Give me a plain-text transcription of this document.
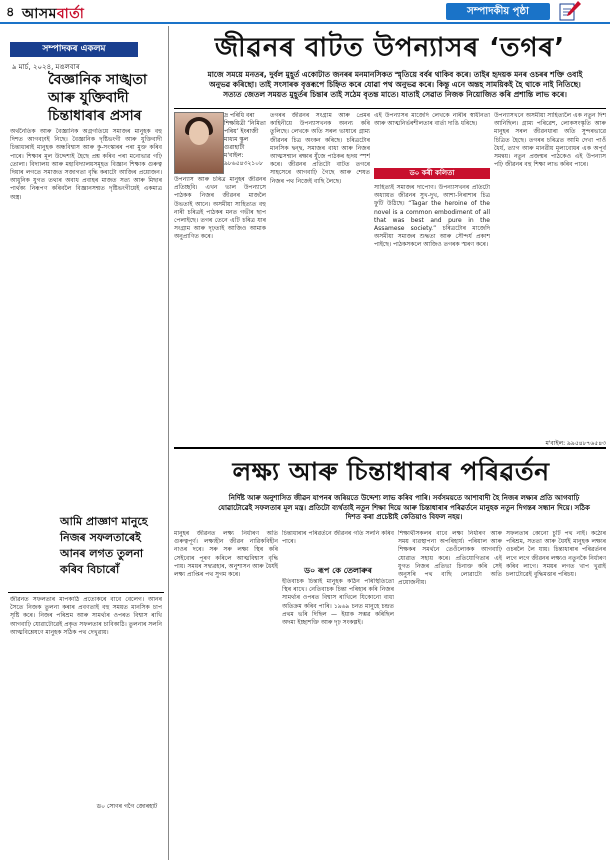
৪ আসমবাৰ্তা	সম্পাদকীয় পৃষ্ঠা
সম্পাদকৰ একলম
৯ মাৰ্চ, ২০২৪, মঙলবাৰ
বৈজ্ঞানিক সাঙ্খতা আৰু যুক্তিবাদী চিন্তাধাৰাৰ প্ৰসাৰ
অৰ্থনৈতিক আৰু বৈজ্ঞানিক অগ্ৰগতিয়ে সমাজৰ মানুহক বহু দিশত আগবঢ়াই নিছে। বৈজ্ঞানিক দৃষ্টিভংগী আৰু যুক্তিবাদী চিন্তাধাৰাই মানুহক অন্ধবিশ্বাস আৰু কু-সংস্কাৰৰ পৰা মুক্ত কৰিব পাৰে। শিক্ষাৰ মূল উদ্দেশ্যই হৈছে প্ৰশ্ন কৰিব পৰা মনোভাৱ গঢ়ি তোলা। বিদ্যালয় আৰু মহাবিদ্যালয়সমূহত বিজ্ঞান শিক্ষাক গুৰুত্ব দিয়াৰ লগতে সমাজত সজাগতা বৃদ্ধি কৰাটো আজিৰ প্ৰয়োজন। আধুনিক যুগত তথ্যৰ অবাধ প্ৰবাহৰ মাজত সত্য আৰু মিছাৰ পাৰ্থক্য নিৰূপণ কৰিবলৈ বিজ্ঞানসন্মত দৃষ্টিভংগীয়েই একমাত্ৰ অস্ত্ৰ।
আমি প্ৰাজ্ঞাণ মানুহে নিজৰ সফলতাৰেই আনৰ লগত তুলনা কৰিব বিচাৰোঁ
জীৱনত সফলতাৰ মাপকাঠি প্ৰত্যেকৰে বাবে বেলেগ। আনৰ সৈতে নিজক তুলনা কৰাৰ প্ৰবণতাই বহু সময়ত মানসিক চাপ সৃষ্টি কৰে। নিজৰ পৰিশ্ৰম আৰু সামৰ্থ্যৰ ওপৰত বিশ্বাস ৰাখি আগবাঢ়ি যোৱাটোৱেই প্ৰকৃত সফলতাৰ চাবিকাঠি। তুলনাৰ সলনি আত্মবিশ্লেষণে মানুহক সঠিক পথ দেখুৱায়।
ড০ সোণৰ গগৈ জোৰহাট
জীৱনৰ বাটত উপন্যাসৰ ‘তগৰ’
মাজে সময়ে মনতৰ, দুৰ্বল মুহূৰ্ত একোটাত জনৰৰ মনমানসিকত স্মৃতিয়ে বৰ্বৰ থাকিব কৰে। তাইৰ হৃদয়ক মনৰ ওচৰৰ শক্তি ওবাই অনুভৱ কৰিছো। তাই সংসাৰক বৃত্তৰূপে চিহ্নিত কৰে যোৱা পথ অনুভৱ কৰে। কিন্তু এনে অন্তহ সাময়িকই হৈ থাকে নাই নিতিছে। সত্যত জেতল সময়ত মুহূৰ্তৰ চিন্তাৰ তাই সঠেম বৃতন্ত মাতে। যাতাই সেৱাত নিজক নিয়োজিত কৰি প্ৰশান্তি লাভ কৰে।
দ্ৰ পৰিধি বৰা শিক্ষয়িত্ৰী ‘নিমিতা পৰিয়’ ইংৰাজী মাধ্যম স্কুল গুৱাহাটী ম'বাইল: ৯৮৬৫৪৩২১০৮
উপন্যাস আৰু চৰিত্ৰ মানুহৰ জীৱনৰ প্ৰতিচ্ছবি। এখন ভাল উপন্যাসে পাঠকক নিজৰ জীৱনৰ মাজলৈ উভতাই আনে। অসমীয়া সাহিত্যত বহু নাৰী চৰিত্ৰই পাঠকৰ মনত গভীৰ ছাপ পেলাইছে। তগৰ তেনে এটি চৰিত্ৰ যাৰ সংগ্ৰাম আৰু দৃঢ়তাই আজিও আমাক অনুপ্ৰাণিত কৰে।
তগৰৰ জীৱনৰ সংগ্ৰাম আৰু প্ৰেমৰ কাহিনীয়ে উপন্যাসখনক অনন্য কৰি তুলিছে। লেখকে অতি সৰল ভাষাৰে গ্ৰাম্য জীৱনৰ চিত্ৰ অংকন কৰিছে। চৰিত্ৰটোৰ মানসিক দ্বন্দ্ব, সমাজৰ বাধা আৰু নিজৰ আত্মসন্মান ৰক্ষাৰ যুঁজে পাঠকৰ হৃদয় স্পৰ্শ কৰে। জীৱনৰ প্ৰতিটো বাটত তগৰে সাহসেৰে আগবাঢ়ি গৈছে আৰু শেষত নিজৰ পথ নিজেই বাছি লৈছে।
এই উপন্যাসৰ মাজেদি লেখকে নাৰীৰ স্বাধীনতা আৰু আত্মনিৰ্ভৰশীলতাৰ বাৰ্তা দাঙি ধৰিছে।
ড০ কৰী কলিতা
সাহিত্যই সমাজৰ দাপোণ। উপন্যাসখনৰ প্ৰতিটো অধ্যায়ত জীৱনৰ সুখ-দুখ, আশা-নিৰাশাৰ চিত্ৰ ফুটি উঠিছে। “Tagar the heroine of the novel is a common embodiment of all that was best and pure in the Assamese society.” চৰিত্ৰটোৰ মাজেদি অসমীয়া সমাজৰ শুদ্ধতা আৰু সৌন্দৰ্য প্ৰকাশ পাইছে। পাঠকসকলে আজিও তগৰক স্মৰণ কৰে।
উপন্যাসখনে অসমীয়া সাহিত্যলৈ এক নতুন দিশ আনিছিল। গ্ৰাম্য পৰিৱেশ, লোকসংস্কৃতি আৰু মানুহৰ সৰল জীৱনধাৰা অতি সুন্দৰভাৱে চিত্ৰিত হৈছে। তগৰৰ চৰিত্ৰত আমি দেখা পাওঁ ধৈৰ্য, ত্যাগ আৰু মানৱীয় মূল্যবোধৰ এক অপূৰ্ব সমন্বয়। নতুন প্ৰজন্মৰ পাঠকেও এই উপন্যাস পঢ়ি জীৱনৰ বহু শিক্ষা লাভ কৰিব পাৰে।
ম'বাইল: ৯৯৫৪৮৭৬৫৪৩
লক্ষ্য আৰু চিন্তাধাৰাৰ পৰিৱৰ্তন
নিৰ্দিষ্ট আৰু অনুশাসিত জীৱন যাপনৰ জৰিয়তে উদ্দেশ্য লাভ কৰিব পাৰি। সৰ্বসময়তে আশাবাদী হৈ নিজৰ লক্ষ্যৰ প্ৰতি আগবাঢ়ি যোৱাটোৱেই সফলতাৰ মূল মন্ত্ৰ। প্ৰতিটো ব্যৰ্থতাই নতুন শিক্ষা দিয়ে আৰু চিন্তাধাৰাৰ পৰিৱৰ্তনে মানুহক নতুন দিগন্তৰ সন্ধান দিয়ে। সঠিক দিশত কৰা প্ৰচেষ্টাই কেতিয়াও বিফল নহয়।
মানুহৰ জীৱনত লক্ষ্য নিৰ্ধাৰণ অতি গুৰুত্বপূৰ্ণ। লক্ষ্যহীন জীৱন নাৱিকবিহীন নাওৰ দৰে। সৰু সৰু লক্ষ্য স্থিৰ কৰি সেইবোৰ পূৰণ কৰিলে আত্মবিশ্বাস বৃদ্ধি পায়। সময়ৰ সদ্ব্যৱহাৰ, অনুশাসন আৰু ধৈৰ্যই লক্ষ্য প্ৰাপ্তিৰ পথ সুগম কৰে।
চিন্তাধাৰাৰ পৰিৱৰ্তনে জীৱনৰ গতি সলনি কৰিব পাৰে।
ড০ ৰূপ কে তেলাৰুৰ
ইতিবাচক চিন্তাই মানুহক কঠিন পৰিস্থিতিতো স্থিৰ ৰাখে। নেতিবাচক চিন্তা পৰিহাৰ কৰি নিজৰ সামৰ্থ্যৰ ওপৰত বিশ্বাস ৰাখিলে যিকোনো বাধা অতিক্ৰম কৰিব পাৰি। ১৯৬৯ চনত মানুহে চন্দ্ৰত প্ৰথম ভৰি দিছিল — ইয়াক সম্ভৱ কৰিছিল অদম্য ইচ্ছাশক্তি আৰু দৃঢ় সংকল্পই।
শিক্ষাৰ্থীসকলৰ বাবে লক্ষ্য নিৰ্ধাৰণ আৰু সময় ব্যৱস্থাপনা অপৰিহাৰ্য। পৰিয়াল আৰু শিক্ষকৰ সমৰ্থনে তেওঁলোকক আগবাঢ়ি যোৱাত সহায় কৰে। প্ৰতিযোগিতাৰ এই যুগত নিজৰ প্ৰতিভা চিনাক্ত কৰি সেই অনুসৰি পথ বাছি লোৱাটো অতি প্ৰয়োজনীয়।
সফলতাৰ কোনো চুটি পথ নাই। কঠোৰ পৰিশ্ৰম, সততা আৰু ধৈৰ্যই মানুহক লক্ষ্যৰ ওচৰলৈ লৈ যায়। চিন্তাধাৰাৰ পৰিৱৰ্তনৰ লগে লগে জীৱনৰ লক্ষ্যও নতুনকৈ নিৰ্ধাৰণ কৰিব লাগে। সময়ৰ লগত খাপ খুৱাই চলাটোৱেই বুদ্ধিমত্তাৰ পৰিচয়।
